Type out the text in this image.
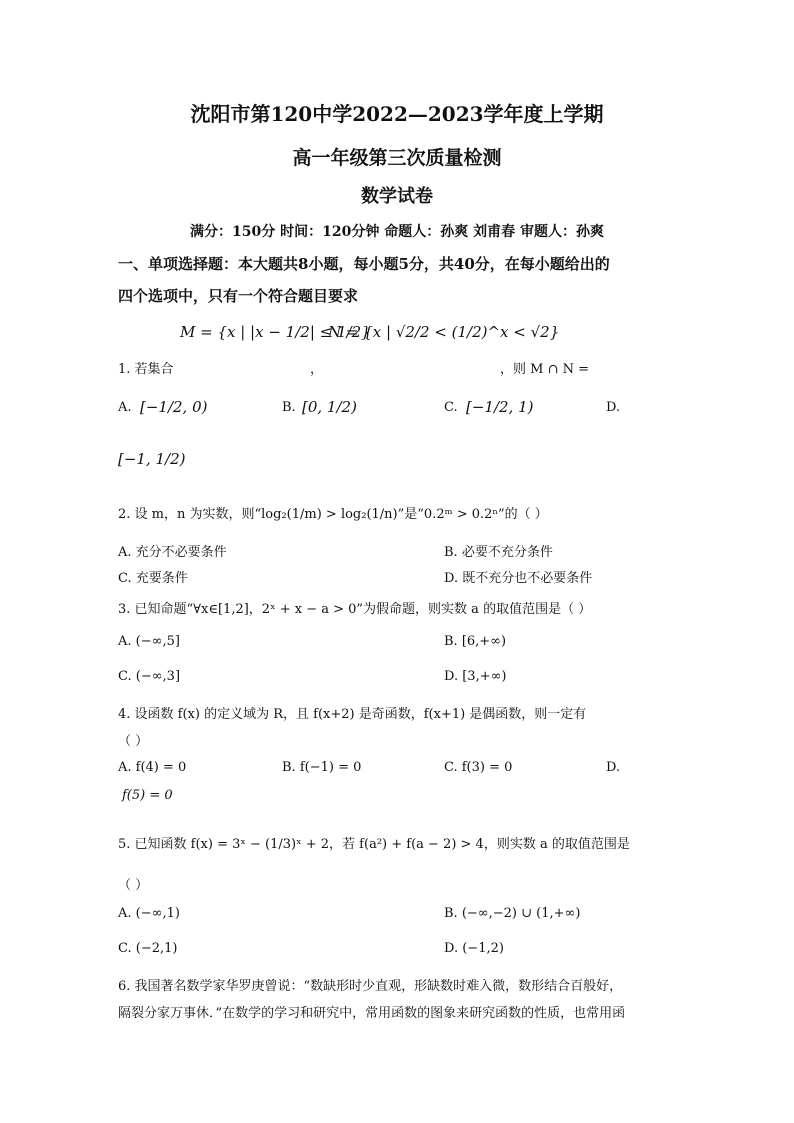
沈阳市第120中学2022—2023学年度上学期
高一年级第三次质量检测
数学试卷
满分：150分 时间：120分钟 命题人：孙爽 刘甫春 审题人：孙爽
一、单项选择题：本大题共8小题，每小题5分，共40分，在每小题给出的
四个选项中，只有一个符合题目要求
M = {x | |x − 1/2| ≤ 1/2}
N = {x | √2/2 < (1/2)^x < √2}
1. 若集合	，	，则 M ∩ N =
A. [−1/2, 0)	B. [0, 1/2)	C. [−1/2, 1)	D.
[−1, 1/2)
2. 设 m，n 为实数，则“log₂(1/m) > log₂(1/n)”是“0.2ᵐ > 0.2ⁿ”的（ ）
A. 充分不必要条件	B. 必要不充分条件
C. 充要条件	D. 既不充分也不必要条件
3. 已知命题“∀x∈[1,2]，2ˣ + x − a > 0”为假命题，则实数 a 的取值范围是（ ）
A. (−∞,5]	B. [6,+∞)
C. (−∞,3]	D. [3,+∞)
4. 设函数 f(x) 的定义域为 R，且 f(x+2) 是奇函数，f(x+1) 是偶函数，则一定有
（ ）
A. f(4) = 0	B. f(−1) = 0	C. f(3) = 0	D.
f(5) = 0
5. 已知函数 f(x) = 3ˣ − (1/3)ˣ + 2，若 f(a²) + f(a − 2) > 4，则实数 a 的取值范围是
（ ）
A. (−∞,1)	B. (−∞,−2) ∪ (1,+∞)
C. (−2,1)	D. (−1,2)
6. 我国著名数学家华罗庚曾说：“数缺形时少直观，形缺数时难入微，数形结合百般好，
隔裂分家万事休．”在数学的学习和研究中，常用函数的图象来研究函数的性质，也常用函
